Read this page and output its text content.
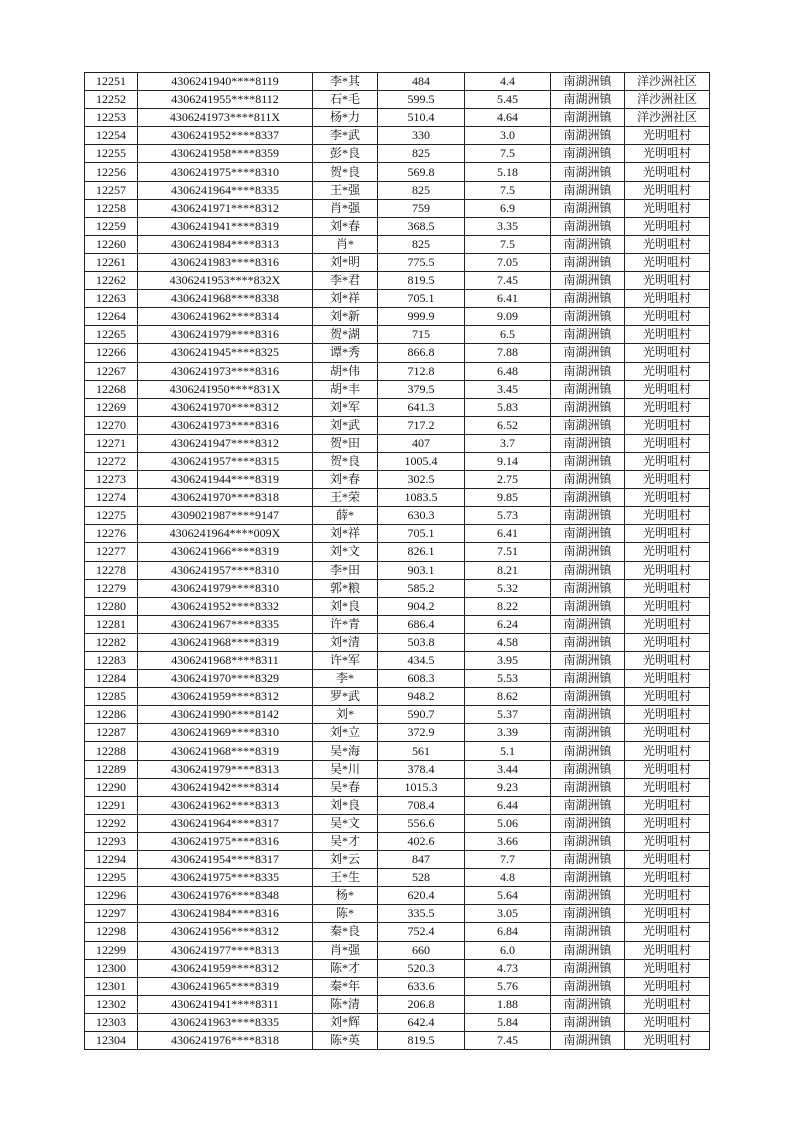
12251	4306241940****8119	李*其	484	4.4	南湖洲镇	洋沙洲社区
12252	4306241955****8112	石*毛	599.5	5.45	南湖洲镇	洋沙洲社区
12253	4306241973****811X	杨*力	510.4	4.64	南湖洲镇	洋沙洲社区
12254	4306241952****8337	李*武	330	3.0	南湖洲镇	光明咀村
12255	4306241958****8359	彭*良	825	7.5	南湖洲镇	光明咀村
12256	4306241975****8310	贺*良	569.8	5.18	南湖洲镇	光明咀村
12257	4306241964****8335	王*强	825	7.5	南湖洲镇	光明咀村
12258	4306241971****8312	肖*强	759	6.9	南湖洲镇	光明咀村
12259	4306241941****8319	刘*春	368.5	3.35	南湖洲镇	光明咀村
12260	4306241984****8313	肖*	825	7.5	南湖洲镇	光明咀村
12261	4306241983****8316	刘*明	775.5	7.05	南湖洲镇	光明咀村
12262	4306241953****832X	李*君	819.5	7.45	南湖洲镇	光明咀村
12263	4306241968****8338	刘*祥	705.1	6.41	南湖洲镇	光明咀村
12264	4306241962****8314	刘*新	999.9	9.09	南湖洲镇	光明咀村
12265	4306241979****8316	贺*湖	715	6.5	南湖洲镇	光明咀村
12266	4306241945****8325	谭*秀	866.8	7.88	南湖洲镇	光明咀村
12267	4306241973****8316	胡*伟	712.8	6.48	南湖洲镇	光明咀村
12268	4306241950****831X	胡*丰	379.5	3.45	南湖洲镇	光明咀村
12269	4306241970****8312	刘*军	641.3	5.83	南湖洲镇	光明咀村
12270	4306241973****8316	刘*武	717.2	6.52	南湖洲镇	光明咀村
12271	4306241947****8312	贺*田	407	3.7	南湖洲镇	光明咀村
12272	4306241957****8315	贺*良	1005.4	9.14	南湖洲镇	光明咀村
12273	4306241944****8319	刘*春	302.5	2.75	南湖洲镇	光明咀村
12274	4306241970****8318	王*荣	1083.5	9.85	南湖洲镇	光明咀村
12275	4309021987****9147	薛*	630.3	5.73	南湖洲镇	光明咀村
12276	4306241964****009X	刘*祥	705.1	6.41	南湖洲镇	光明咀村
12277	4306241966****8319	刘*文	826.1	7.51	南湖洲镇	光明咀村
12278	4306241957****8310	李*田	903.1	8.21	南湖洲镇	光明咀村
12279	4306241979****8310	郭*粮	585.2	5.32	南湖洲镇	光明咀村
12280	4306241952****8332	刘*良	904.2	8.22	南湖洲镇	光明咀村
12281	4306241967****8335	许*青	686.4	6.24	南湖洲镇	光明咀村
12282	4306241968****8319	刘*清	503.8	4.58	南湖洲镇	光明咀村
12283	4306241968****8311	许*军	434.5	3.95	南湖洲镇	光明咀村
12284	4306241970****8329	李*	608.3	5.53	南湖洲镇	光明咀村
12285	4306241959****8312	罗*武	948.2	8.62	南湖洲镇	光明咀村
12286	4306241990****8142	刘*	590.7	5.37	南湖洲镇	光明咀村
12287	4306241969****8310	刘*立	372.9	3.39	南湖洲镇	光明咀村
12288	4306241968****8319	吴*海	561	5.1	南湖洲镇	光明咀村
12289	4306241979****8313	吴*川	378.4	3.44	南湖洲镇	光明咀村
12290	4306241942****8314	吴*春	1015.3	9.23	南湖洲镇	光明咀村
12291	4306241962****8313	刘*良	708.4	6.44	南湖洲镇	光明咀村
12292	4306241964****8317	吴*文	556.6	5.06	南湖洲镇	光明咀村
12293	4306241975****8316	吴*才	402.6	3.66	南湖洲镇	光明咀村
12294	4306241954****8317	刘*云	847	7.7	南湖洲镇	光明咀村
12295	4306241975****8335	王*生	528	4.8	南湖洲镇	光明咀村
12296	4306241976****8348	杨*	620.4	5.64	南湖洲镇	光明咀村
12297	4306241984****8316	陈*	335.5	3.05	南湖洲镇	光明咀村
12298	4306241956****8312	秦*良	752.4	6.84	南湖洲镇	光明咀村
12299	4306241977****8313	肖*强	660	6.0	南湖洲镇	光明咀村
12300	4306241959****8312	陈*才	520.3	4.73	南湖洲镇	光明咀村
12301	4306241965****8319	秦*年	633.6	5.76	南湖洲镇	光明咀村
12302	4306241941****8311	陈*清	206.8	1.88	南湖洲镇	光明咀村
12303	4306241963****8335	刘*辉	642.4	5.84	南湖洲镇	光明咀村
12304	4306241976****8318	陈*英	819.5	7.45	南湖洲镇	光明咀村
